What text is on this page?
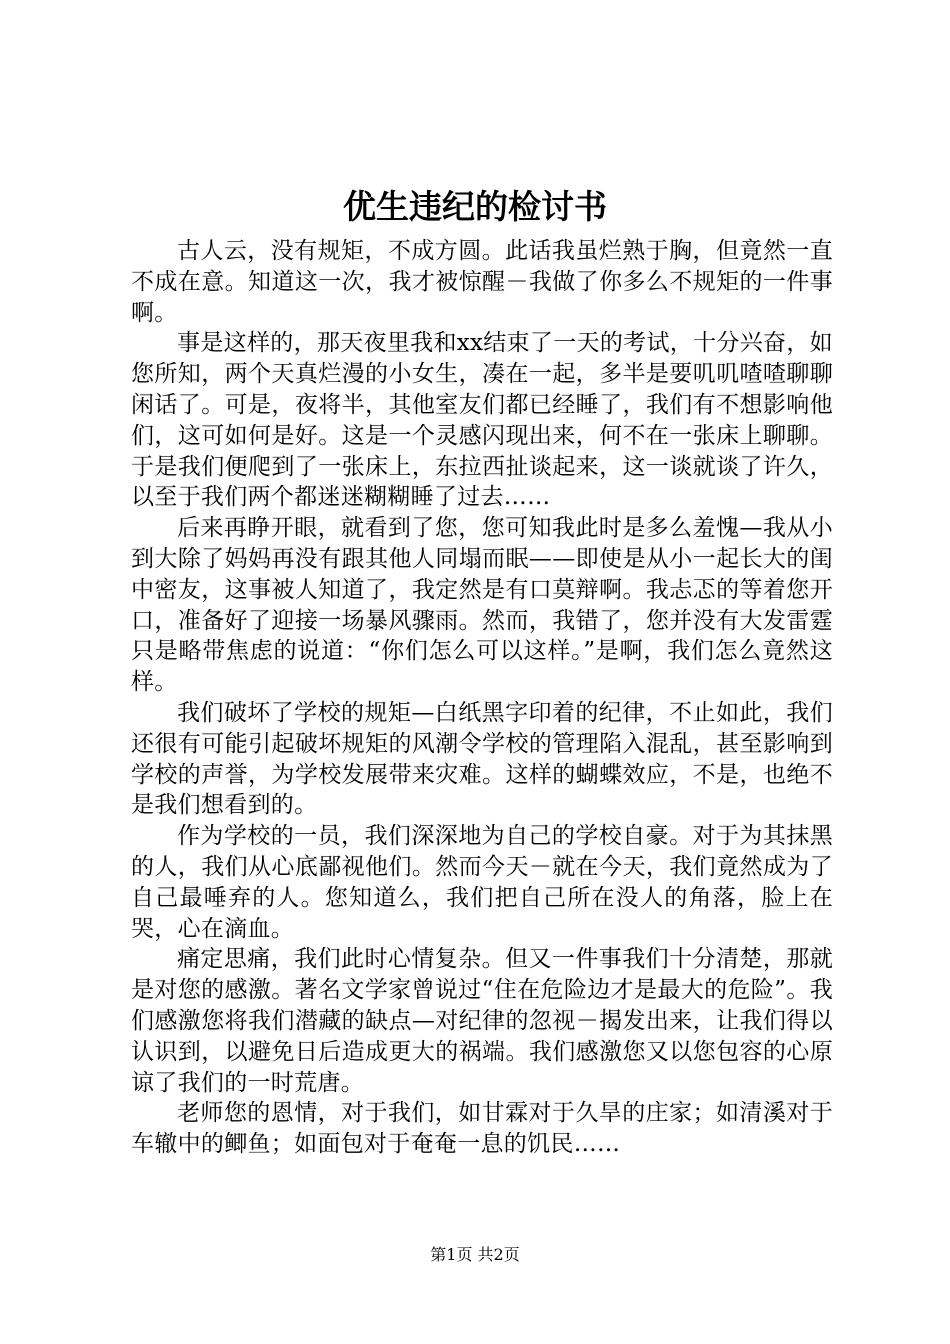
优生违纪的检讨书

古人云，没有规矩，不成方圆。此话我虽烂熟于胸，但竟然一直不成在意。知道这一次，我才被惊醒－我做了你多么不规矩的一件事啊。

事是这样的，那天夜里我和xx结束了一天的考试，十分兴奋，如您所知，两个天真烂漫的小女生，凑在一起，多半是要叽叽喳喳聊聊闲话了。可是，夜将半，其他室友们都已经睡了，我们有不想影响他们，这可如何是好。这是一个灵感闪现出来，何不在一张床上聊聊。于是我们便爬到了一张床上，东拉西扯谈起来，这一谈就谈了许久，以至于我们两个都迷迷糊糊睡了过去……

后来再睁开眼，就看到了您，您可知我此时是多么羞愧—我从小到大除了妈妈再没有跟其他人同塌而眠——即使是从小一起长大的闺中密友，这事被人知道了，我定然是有口莫辩啊。我忐忑的等着您开口，准备好了迎接一场暴风骤雨。然而，我错了，您并没有大发雷霆只是略带焦虑的说道：“你们怎么可以这样。”是啊，我们怎么竟然这样。

我们破坏了学校的规矩—白纸黑字印着的纪律，不止如此，我们还很有可能引起破坏规矩的风潮令学校的管理陷入混乱，甚至影响到学校的声誉，为学校发展带来灾难。这样的蝴蝶效应，不是，也绝不是我们想看到的。

作为学校的一员，我们深深地为自己的学校自豪。对于为其抹黑的人，我们从心底鄙视他们。然而今天－就在今天，我们竟然成为了自己最唾弃的人。您知道么，我们把自己所在没人的角落，脸上在哭，心在滴血。

痛定思痛，我们此时心情复杂。但又一件事我们十分清楚，那就是对您的感激。著名文学家曾说过“住在危险边才是最大的危险”。我们感激您将我们潜藏的缺点—对纪律的忽视－揭发出来，让我们得以认识到，以避免日后造成更大的祸端。我们感激您又以您包容的心原谅了我们的一时荒唐。

老师您的恩情，对于我们，如甘霖对于久旱的庄家；如清溪对于车辙中的鲫鱼；如面包对于奄奄一息的饥民……

第1页 共2页
